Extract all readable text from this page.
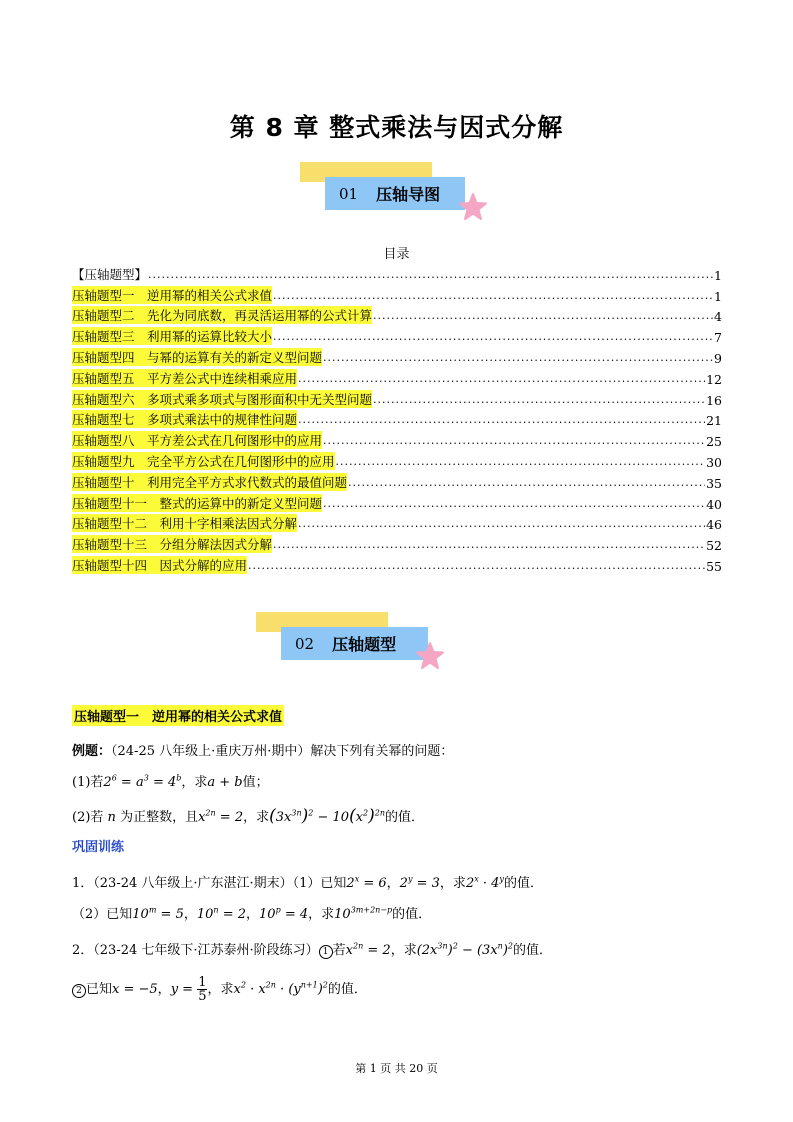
第 8 章 整式乘法与因式分解
01 压轴导图
目录
【压轴题型】 .....	1
压轴题型一　逆用幂的相关公式求值 .....	1
压轴题型二　先化为同底数，再灵活运用幂的公式计算 .....	4
压轴题型三　利用幂的运算比较大小 .....	7
压轴题型四　与幂的运算有关的新定义型问题 .....	9
压轴题型五　平方差公式中连续相乘应用 .....	12
压轴题型六　多项式乘多项式与图形面积中无关型问题 .....	16
压轴题型七　多项式乘法中的规律性问题 .....	21
压轴题型八　平方差公式在几何图形中的应用 .....	25
压轴题型九　完全平方公式在几何图形中的应用 .....	30
压轴题型十　利用完全平方式求代数式的最值问题 .....	35
压轴题型十一　整式的运算中的新定义型问题 .....	40
压轴题型十二　利用十字相乘法因式分解 .....	46
压轴题型十三　分组分解法因式分解 .....	52
压轴题型十四　因式分解的应用 .....	55
02 压轴题型
压轴题型一　逆用幂的相关公式求值
例题：（24-25 八年级上·重庆万州·期中）解决下列有关幂的问题：
(1)若$2^6 = a^3 = 4^b$，求a + b值；
(2)若 n 为正整数，且$x^{2n} = 2$，求$(3x^{3n})^2 - 10(x^2)^{2n}$的值．
巩固训练
1．（23-24 八年级上·广东湛江·期末）（1）已知$2^x = 6$，$2^y = 3$，求$2^x \cdot 4^y$的值．
（2）已知$10^m = 5$，$10^n = 2$，$10^p = 4$，求$10^{3m+2n-p}$的值．
2．（23-24 七年级下·江苏泰州·阶段练习） 1 若$x^{2n} = 2$，求$(2x^{3n})^2 - (3x^n)^2$的值．
2 已知x = −5，$y = \frac{1}{5}$ ，求$x^2 \cdot x^{2n} \cdot (y^{n+1})^2$的值．
第 1 页 共 20 页
